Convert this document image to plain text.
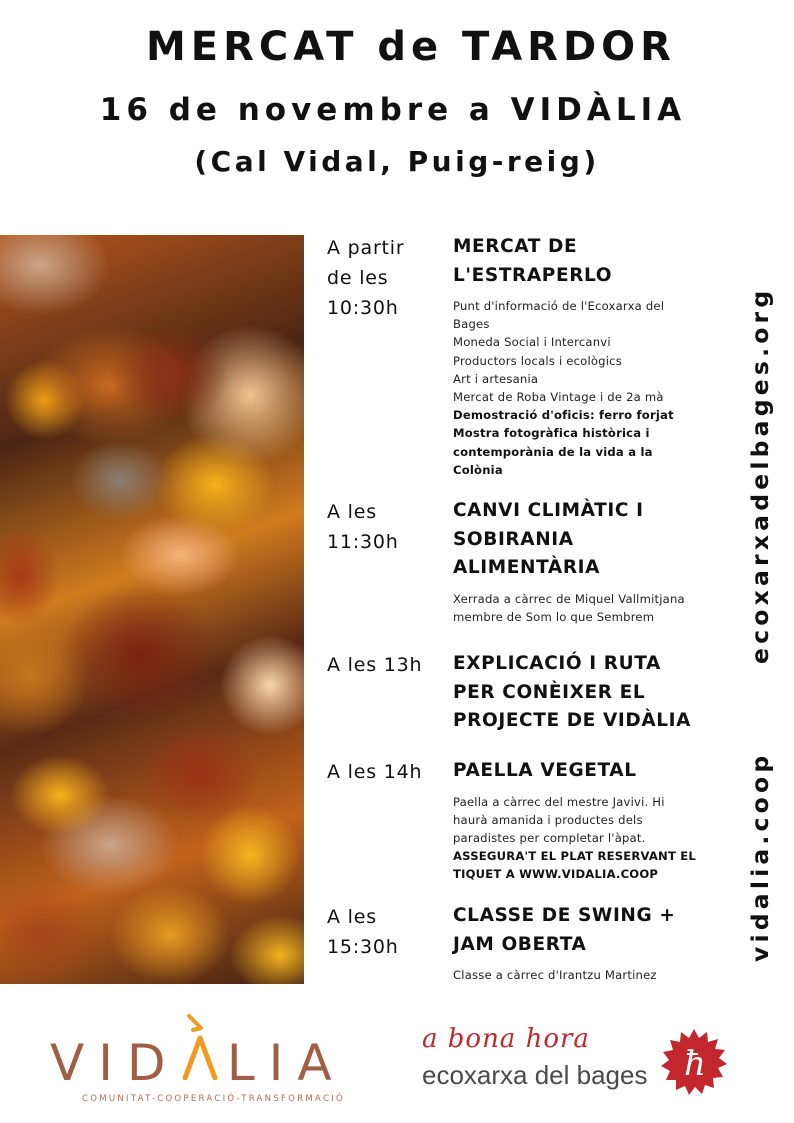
MERCAT de TARDOR
16 de novembre a VIDÀLIA
(Cal Vidal, Puig-reig)
A partir
de les
10:30h
MERCAT DE
L'ESTRAPERLO
Punt d'informació de l'Ecoxarxa del
Bages
Moneda Social i Intercanvi
Productors locals i ecològics
Art i artesania
Mercat de Roba Vintage i de 2a mà
Demostració d'oficis: ferro forjat
Mostra fotogràfica històrica i
contemporània de la vida a la
Colònia
A les
11:30h
CANVI CLIMÀTIC I
SOBIRANIA
ALIMENTÀRIA
Xerrada a càrrec de Miquel Vallmitjana
membre de Som lo que Sembrem
A les 13h	EXPLICACIÓ I RUTA
PER CONÈIXER EL
PROJECTE DE VIDÀLIA
A les 14h	PAELLA VEGETAL
Paella a càrrec del mestre Javivi. Hi
haurà amanida i productes dels
paradistes per completar l'àpat.
ASSEGURA'T EL PLAT RESERVANT EL
TIQUET A WWW.VIDALIA.COOP
A les
15:30h
CLASSE DE SWING +
JAM OBERTA
Classe a càrrec d'Irantzu Martinez
ecoxarxadelbages.org
vidalia.coop
VID LIA
COMUNITAT-COOPERACIÓ-TRANSFORMACIÓ
a bona hora
ecoxarxa del bages ħ
